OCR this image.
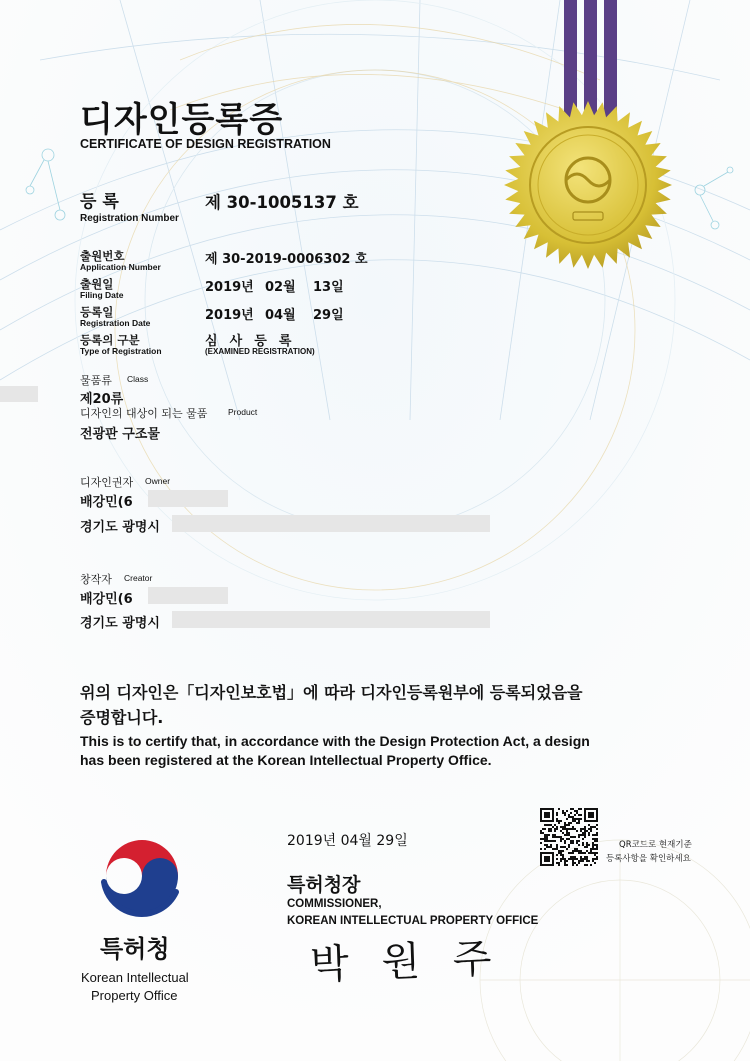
디자인등록증
CERTIFICATE OF DESIGN REGISTRATION
등 록
Registration Number
제 30-1005137 호
출원번호
Application Number	제 30-2019-0006302 호
출원일
Filing Date	2019년 02월 13일
등록일
Registration Date	2019년 04월 29일
등록의 구분
Type of Registration
심  사  등  록
(EXAMINED REGISTRATION)
물품류 Class
제20류
디자인의 대상이 되는 물품 Product
전광판 구조물
디자인권자 Owner
배강민(6
경기도 광명시
창작자 Creator
배강민(6
경기도 광명시
위의 디자인은「디자인보호법」에 따라 디자인등록원부에 등록되었음을
증명합니다.
This is to certify that, in accordance with the Design Protection Act, a design
has been registered at the Korean Intellectual Property Office.
2019년 04월 29일	QR코드로 현재기준
등록사항을 확인하세요
특허청장
COMMISSIONER,
KOREAN INTELLECTUAL PROPERTY OFFICE
박 원 주
특허청
Korean Intellectual
Property Office
